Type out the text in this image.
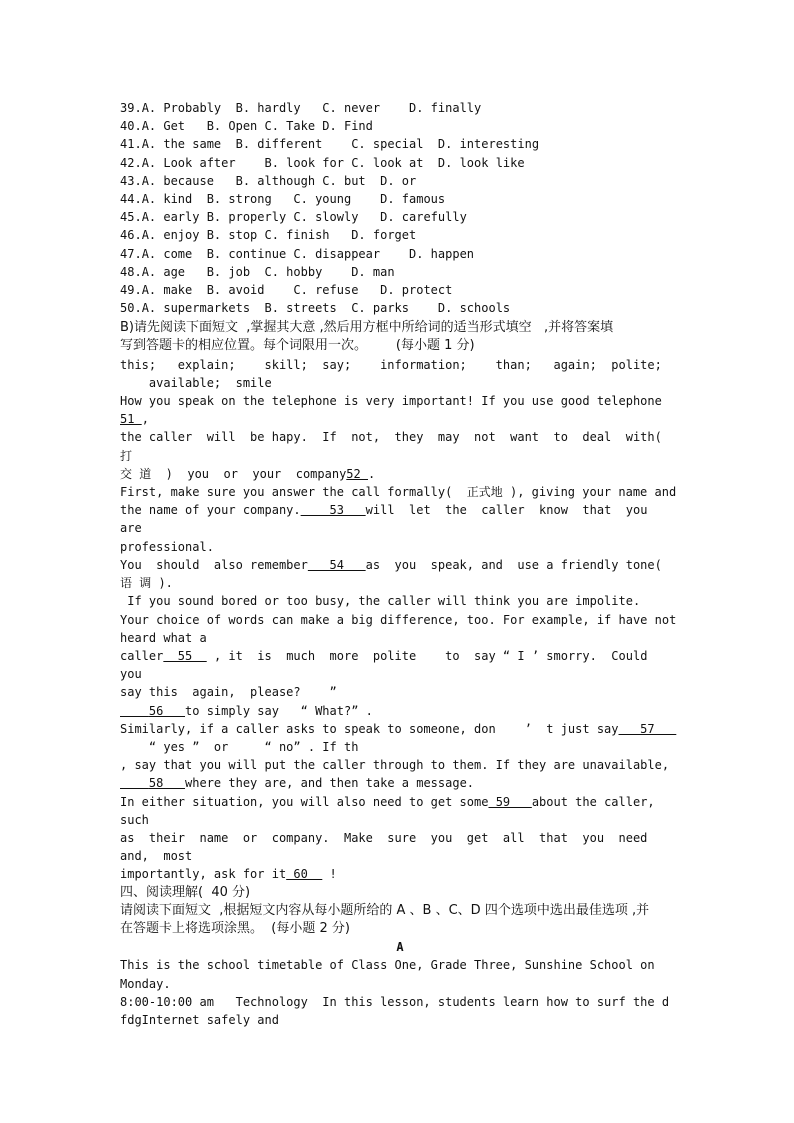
39.A. Probably  B. hardly   C. never    D. finally
40.A. Get   B. Open C. Take D. Find
41.A. the same  B. different    C. special  D. interesting
42.A. Look after    B. look for C. look at  D. look like
43.A. because   B. although C. but  D. or
44.A. kind  B. strong   C. young    D. famous
45.A. early B. properly C. slowly   D. carefully
46.A. enjoy B. stop C. finish   D. forget
47.A. come  B. continue C. disappear    D. happen
48.A. age   B. job  C. hobby    D. man
49.A. make  B. avoid    C. refuse   D. protect
50.A. supermarkets  B. streets  C. parks    D. schools
B)请先阅读下面短文  ,掌握其大意 ,然后用方框中所给词的适当形式填空   ,并将答案填
写到答题卡的相应位置。每个词限用一次。       (每小题 1 分)
this;   explain;    skill;  say;    information;    than;   again;  polite;
available;  smile
How you speak on the telephone is very important! If you use good telephone 51 ,
the caller  will  be hapy.  If  not,  they  may  not  want  to  deal  with( 打
交 道  )  you  or  your  company52 .
First, make sure you answer the call formally(  正式地 ), giving your name and
the name of your company.    53   will  let  the  caller  know  that  you  are
professional.
You  should  also remember   54   as  you  speak, and  use a friendly tone( 语 调 ).
If you sound bored or too busy, the caller will think you are impolite.
Your choice of words can make a big difference, too. For example, if have not
heard what a
caller  55   , it  is  much  more  polite    to  say “ I ’ smorry.  Could  you
say this  again,  please?    ”
56   to simply say   “ What?” .
Similarly, if a caller asks to speak to someone, don    ’  t just say   57
“ yes ”  or     “ no” . If th
, say that you will put the caller through to them. If they are unavailable,
58   where they are, and then take a message.
In either situation, you will also need to get some 59   about the caller, such
as  their  name  or  company.  Make  sure  you  get  all  that  you  need  and,  most
importantly, ask for it 60   !
四、阅读理解(  40 分)
请阅读下面短文  ,根据短文内容从每小题所给的 A 、B 、C、D 四个选项中选出最佳选项 ,并
在答题卡上将选项涂黑。  (每小题 2 分)
A
This is the school timetable of Class One, Grade Three, Sunshine School on
Monday.
8:00-10:00 am   Technology  In this lesson, students learn how to surf the d
fdgInternet safely and
